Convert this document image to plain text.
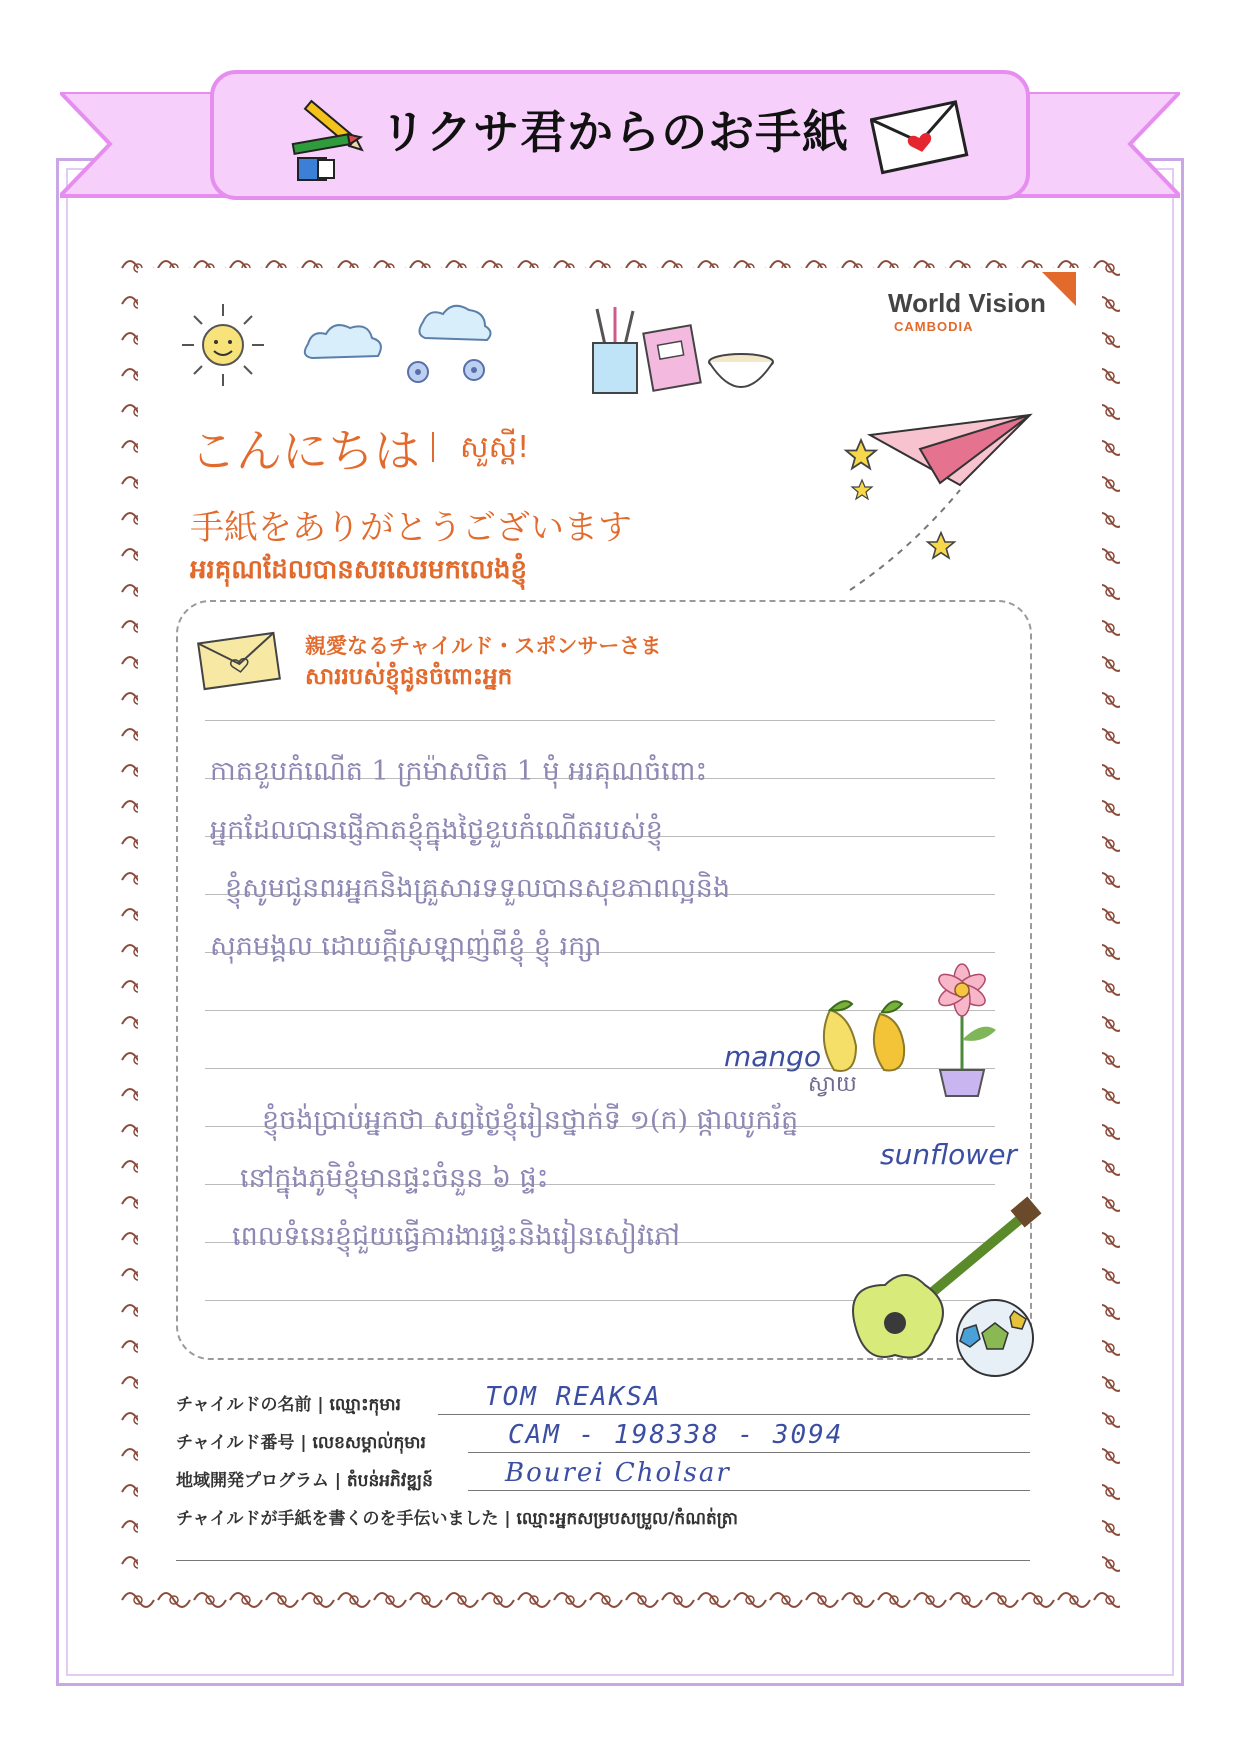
リクサ君からのお手紙
World Vision
CAMBODIA
こんにちは សួស្តី!
手紙をありがとうございます
អរគុណដែលបានសរសេរមកលេងខ្ញុំ
親愛なるチャイルド・スポンサーさま
សាររបស់ខ្ញុំជូនចំពោះអ្នក
កាតខួបកំណើត 1 ក្រម៉ាសបិត 1 មុំ អរគុណចំពោះ
អ្នកដែលបានផ្ញើកាតខ្ញុំក្នុងថ្ងៃខួបកំណើតរបស់ខ្ញុំ
ខ្ញុំសូមជូនពរអ្នកនិងគ្រួសារទទួលបានសុខភាពល្អនិង
សុភមង្គល ដោយក្តីស្រឡាញ់ពីខ្ញុំ ខ្ញុំ រក្សា
ខ្ញុំចង់ប្រាប់អ្នកថា សព្វថ្ងៃខ្ញុំរៀនថ្នាក់ទី ១(ក) ផ្កាឈូករ័ត្ន
នៅក្នុងភូមិខ្ញុំមានផ្ទះចំនួន ៦ ផ្ទះ
ពេលទំនេរខ្ញុំជួយធ្វើការងារផ្ទះនិងរៀនសៀវភៅ
mango
ស្វាយ
sunflower
チャイルドの名前 | ឈ្មោះកុមារ	TOM REAKSA
チャイルド番号 | លេខសម្គាល់កុមារ	CAM - 198338 - 3094
地域開発プログラム | តំបន់អភិវឌ្ឍន៍	Bourei Cholsar
チャイルドが手紙を書くのを手伝いました | ឈ្មោះអ្នកសម្របសម្រួល/កំណត់ត្រា
